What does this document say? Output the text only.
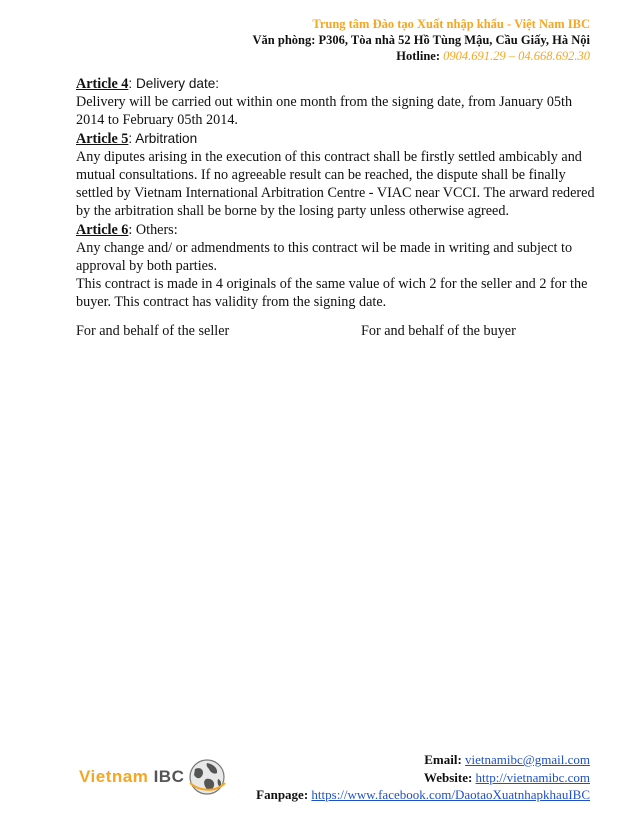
Trung tâm Đào tạo Xuất nhập khẩu - Việt Nam IBC
Văn phòng: P306, Tòa nhà 52 Hồ Tùng Mậu, Cầu Giấy, Hà Nội
Hotline: 0904.691.29 – 04.668.692.30

Article 4: Delivery date:

Delivery will be carried out within one month from the signing date, from January 05th 2014 to February 05th 2014.

Article 5: Arbitration

Any diputes arising in the execution of this contract shall be firstly settled ambicably and mutual consultations. If no agreeable result can be reached, the dispute shall be finally settled by Vietnam International Arbitration Centre - VIAC near VCCI. The arward redered by the arbitration shall be borne by the losing party unless otherwise agreed.

Article 6: Others:

Any change and/ or admendments to this contract wil be made in writing and subject to approval by both parties.

This contract is made in 4 originals of the same value of wich 2 for the seller and 2 for the buyer. This contract has validity from the signing date.

For and behalf of the seller	For and behalf of the buyer
Vietnam IBC
Email: vietnamibc@gmail.com
Website: http://vietnamibc.com
Fanpage: https://www.facebook.com/DaotaoXuatnhapkhauIBC
